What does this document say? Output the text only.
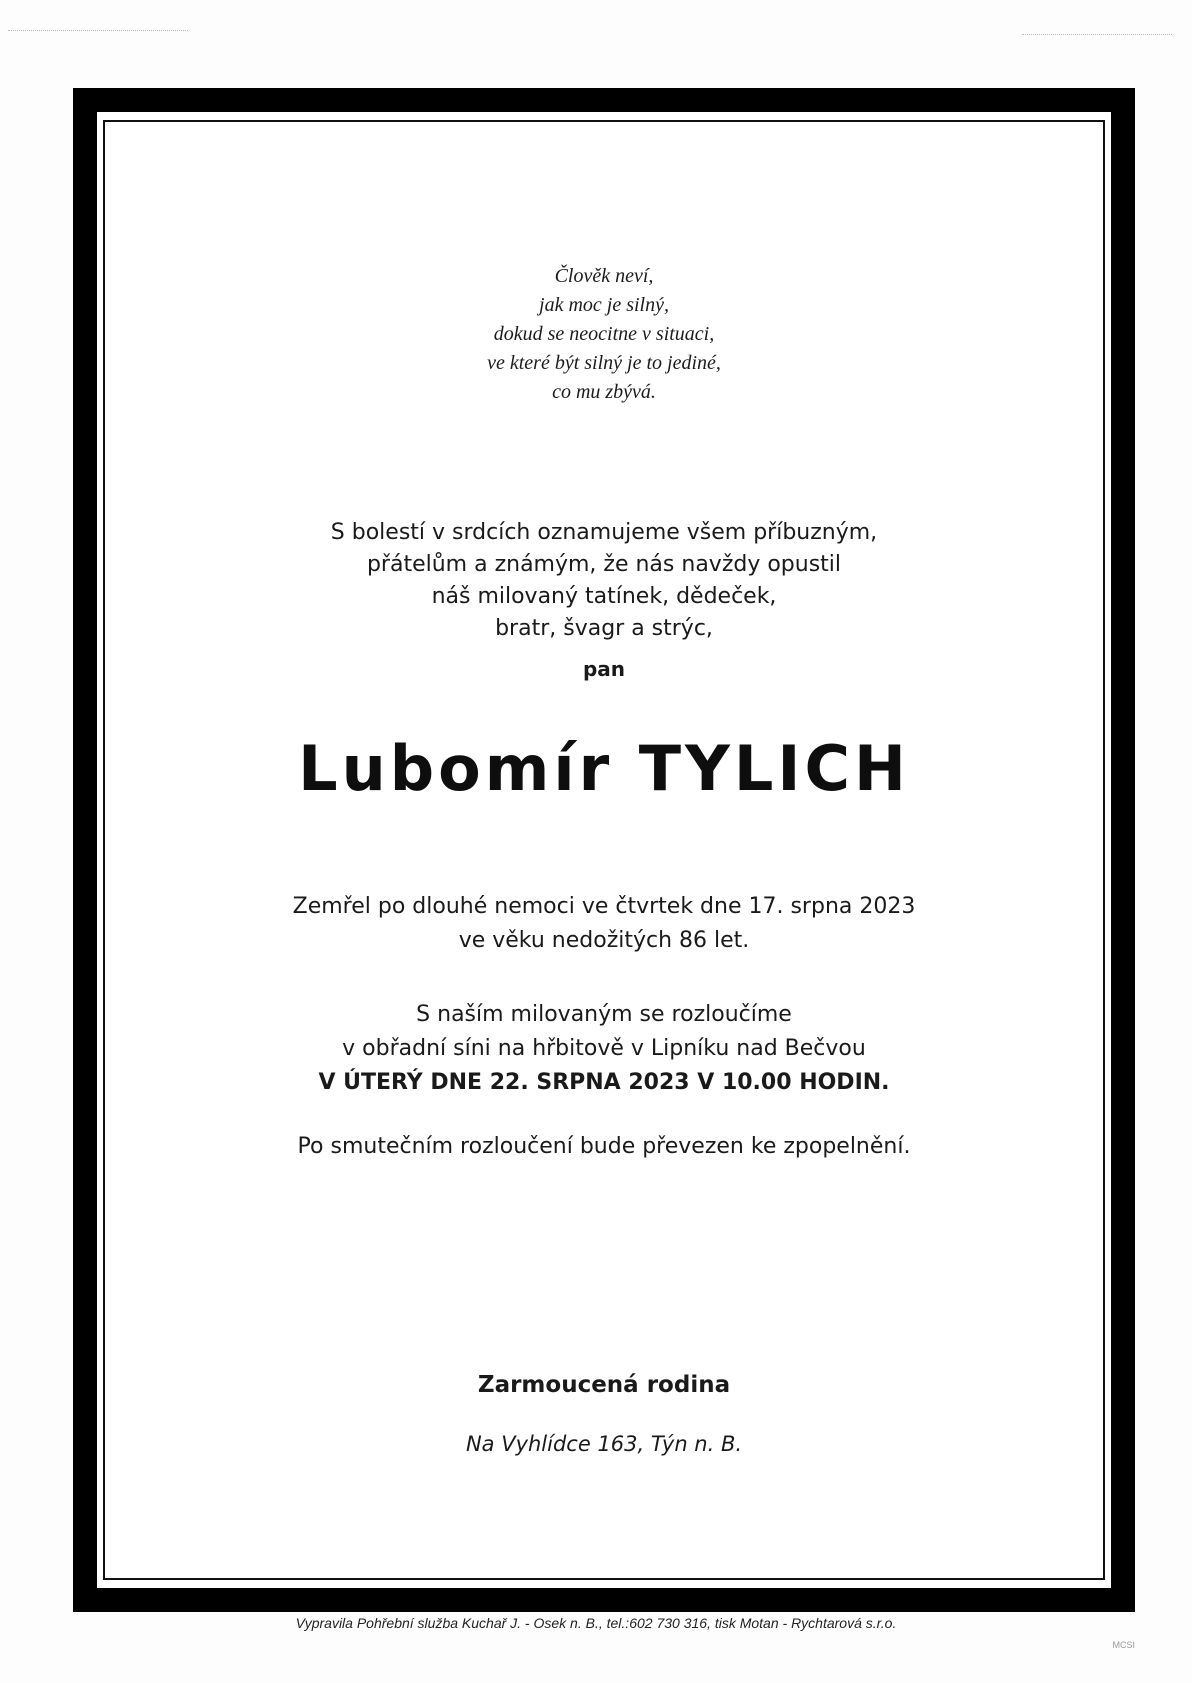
Člověk neví,
jak moc je silný,
dokud se neocitne v situaci,
ve které být silný je to jediné,
co mu zbývá.
S bolestí v srdcích oznamujeme všem příbuzným,
přátelům a známým, že nás navždy opustil
náš milovaný tatínek, dědeček,
bratr, švagr a strýc,
pan
Lubomír TYLICH
Zemřel po dlouhé nemoci ve čtvrtek dne 17. srpna 2023
ve věku nedožitých 86 let.
S naším milovaným se rozloučíme
v obřadní síni na hřbitově v Lipníku nad Bečvou
V ÚTERÝ DNE 22. SRPNA 2023 V 10.00 HODIN.
Po smutečním rozloučení bude převezen ke zpopelnění.
Zarmoucená rodina
Na Vyhlídce 163, Týn n. B.
Vypravila Pohřební služba Kuchař J. - Osek n. B., tel.:602 730 316, tisk Motan - Rychtarová s.r.o.
MCSI
